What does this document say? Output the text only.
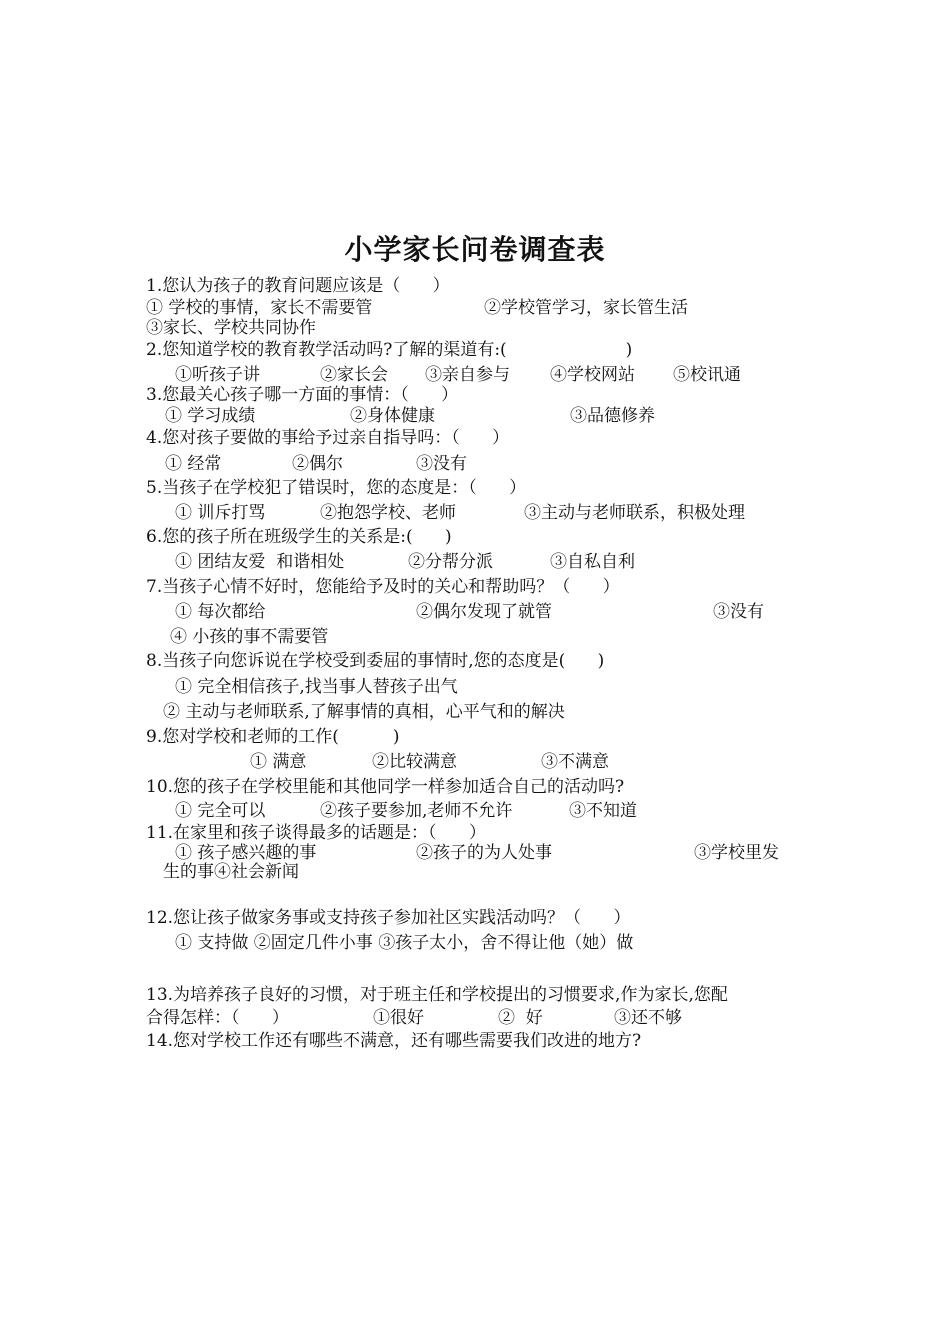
小学家长问卷调查表
1.您认为孩子的教育问题应该是（      ）
① 学校的事情，家长不需要管	②学校管学习，家长管生活
③家长、学校共同协作
2.您知道学校的教育教学活动吗?了解的渠道有:(                      )
①听孩子讲	②家长会 ③亲自参与 ④学校网站 ⑤校讯通
3.您最关心孩子哪一方面的事情：（      ）
① 学习成绩	②身体健康	③品德修养
4.您对孩子要做的事给予过亲自指导吗：（      ）
① 经常	②偶尔	③没有
5.当孩子在学校犯了错误时，您的态度是：（      ）
① 训斥打骂	②抱怨学校、老师	③主动与老师联系，积极处理
6.您的孩子所在班级学生的关系是:(      )
① 团结友爱  和谐相处	②分帮分派	③自私自利
7.当孩子心情不好时，您能给予及时的关心和帮助吗？（      ）
① 每次都给	②偶尔发现了就管	③没有
④ 小孩的事不需要管
8.当孩子向您诉说在学校受到委屈的事情时,您的态度是(      )
① 完全相信孩子,找当事人替孩子出气
② 主动与老师联系,了解事情的真相，心平气和的解决
9.您对学校和老师的工作(          )
① 满意	②比较满意	③不满意
10.您的孩子在学校里能和其他同学一样参加适合自己的活动吗?
① 完全可以	②孩子要参加,老师不允许	③不知道
11.在家里和孩子谈得最多的话题是：（      ）
① 孩子感兴趣的事	②孩子的为人处事	③学校里发
生的事④社会新闻
12.您让孩子做家务事或支持孩子参加社区实践活动吗？（      ）
① 支持做 ②固定几件小事 ③孩子太小，舍不得让他（她）做
13.为培养孩子良好的习惯，对于班主任和学校提出的习惯要求,作为家长,您配
合得怎样：（      ）	①很好	②  好	③还不够
14.您对学校工作还有哪些不满意，还有哪些需要我们改进的地方?
